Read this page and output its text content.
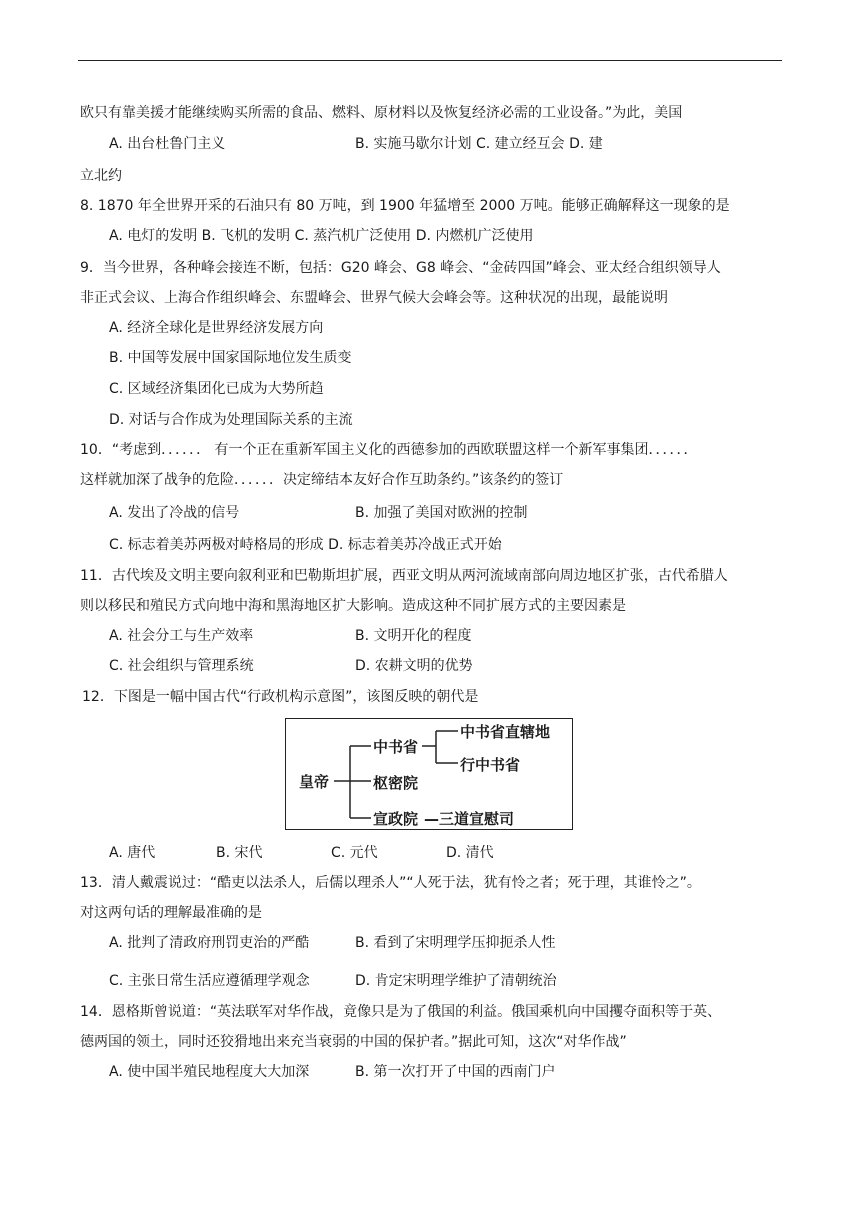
欧只有靠美援才能继续购买所需的食品、燃料、原材料以及恢复经济必需的工业设备。”为此，美国
A. 出台杜鲁门主义	B. 实施马歇尔计划 C. 建立经互会 D. 建
立北约
8. 1870 年全世界开采的石油只有 80 万吨，到 1900 年猛增至 2000 万吨。能够正确解释这一现象的是
A. 电灯的发明 B. 飞机的发明 C. 蒸汽机广泛使用 D. 内燃机广泛使用
9．当今世界，各种峰会接连不断，包括：G20 峰会、G8 峰会、“金砖四国”峰会、亚太经合组织领导人
非正式会议、上海合作组织峰会、东盟峰会、世界气候大会峰会等。这种状况的出现，最能说明
A. 经济全球化是世界经济发展方向
B. 中国等发展中国家国际地位发生质变
C. 区域经济集团化已成为大势所趋
D. 对话与合作成为处理国际关系的主流
10．“考虑到．．．．．． 有一个正在重新军国主义化的西德参加的西欧联盟这样一个新军事集团．．．．．．
这样就加深了战争的危险．．．．．．决定缔结本友好合作互助条约。”该条约的签订
A. 发出了冷战的信号	B. 加强了美国对欧洲的控制
C. 标志着美苏两极对峙格局的形成 D. 标志着美苏冷战正式开始
11．古代埃及文明主要向叙利亚和巴勒斯坦扩展，西亚文明从两河流域南部向周边地区扩张，古代希腊人
则以移民和殖民方式向地中海和黑海地区扩大影响。造成这种不同扩展方式的主要因素是
A. 社会分工与生产效率	B. 文明开化的程度
C. 社会组织与管理系统	D. 农耕文明的优势
12．下图是一幅中国古代“行政机构示意图”，该图反映的朝代是
皇帝
中书省
中书省直辖地
行中书省
枢密院
宣政院 —三道宣慰司
A. 唐代	B. 宋代	C. 元代	D. 清代
13．清人戴震说过：“酷吏以法杀人，后儒以理杀人”“人死于法，犹有怜之者；死于理，其谁怜之”。
对这两句话的理解最准确的是
A. 批判了清政府刑罚吏治的严酷	B. 看到了宋明理学压抑扼杀人性
C. 主张日常生活应遵循理学观念	D. 肯定宋明理学维护了清朝统治
14．恩格斯曾说道：“英法联军对华作战，竟像只是为了俄国的利益。俄国乘机向中国攫夺面积等于英、
德两国的领土，同时还狡猾地出来充当衰弱的中国的保护者。”据此可知，这次“对华作战”
A. 使中国半殖民地程度大大加深	B. 第一次打开了中国的西南门户
